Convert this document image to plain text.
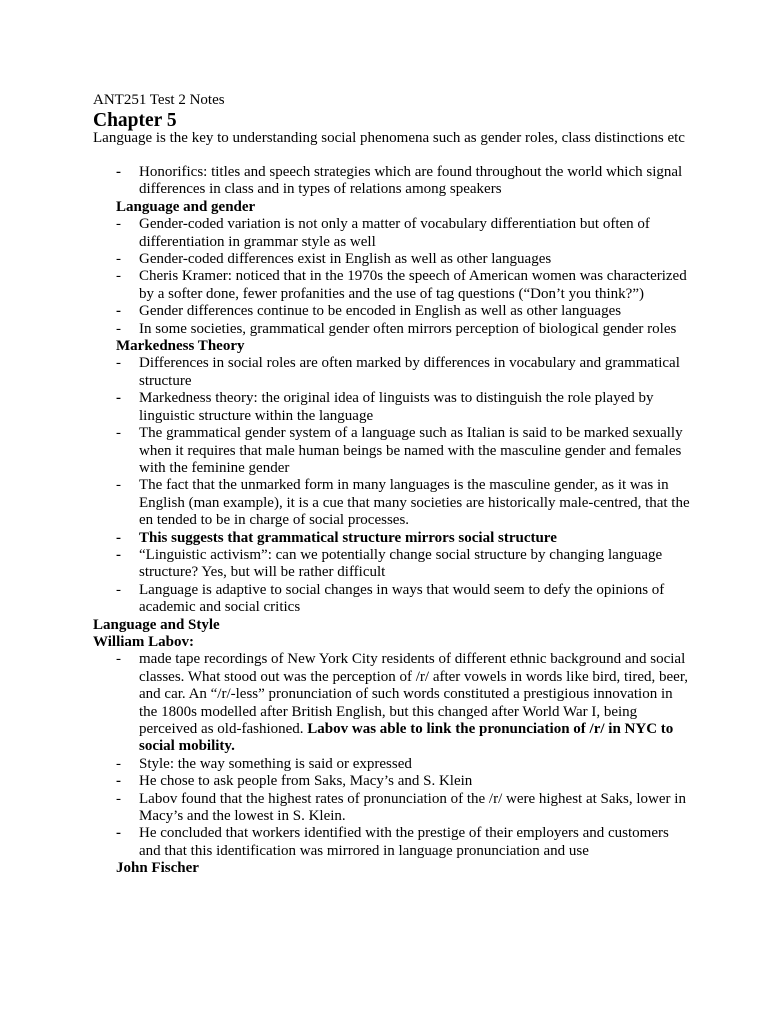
ANT251 Test 2 Notes
Chapter 5
Language is the key to understanding social phenomena such as gender roles, class distinctions etc
- Honorifics: titles and speech strategies which are found throughout the world which signal differences in class and in types of relations among speakers
Language and gender
- Gender-coded variation is not only a matter of vocabulary differentiation but often of differentiation in grammar style as well
- Gender-coded differences exist in English as well as other languages
- Cheris Kramer: noticed that in the 1970s the speech of American women was characterized by a softer done, fewer profanities and the use of tag questions (“Don’t you think?”)
- Gender differences continue to be encoded in English as well as other languages
- In some societies, grammatical gender often mirrors perception of biological gender roles
Markedness Theory
- Differences in social roles are often marked by differences in vocabulary and grammatical structure
- Markedness theory: the original idea of linguists was to distinguish the role played by linguistic structure within the language
- The grammatical gender system of a language such as Italian is said to be marked sexually when it requires that male human beings be named with the masculine gender and females with the feminine gender
- The fact that the unmarked form in many languages is the masculine gender, as it was in English (man example), it is a cue that many societies are historically male-centred, that the en tended to be in charge of social processes.
- This suggests that grammatical structure mirrors social structure
- “Linguistic activism”: can we potentially change social structure by changing language structure? Yes, but will be rather difficult
- Language is adaptive to social changes in ways that would seem to defy the opinions of academic and social critics
Language and Style
William Labov:
- made tape recordings of New York City residents of different ethnic background and social classes. What stood out was the perception of /r/ after vowels in words like bird, tired, beer, and car. An “/r/-less” pronunciation of such words constituted a prestigious innovation in the 1800s modelled after British English, but this changed after World War I, being perceived as old-fashioned. Labov was able to link the pronunciation of /r/ in NYC to social mobility.
- Style: the way something is said or expressed
- He chose to ask people from Saks, Macy’s and S. Klein
- Labov found that the highest rates of pronunciation of the /r/ were highest at Saks, lower in Macy’s and the lowest in S. Klein.
- He concluded that workers identified with the prestige of their employers and customers and that this identification was mirrored in language pronunciation and use
John Fischer
